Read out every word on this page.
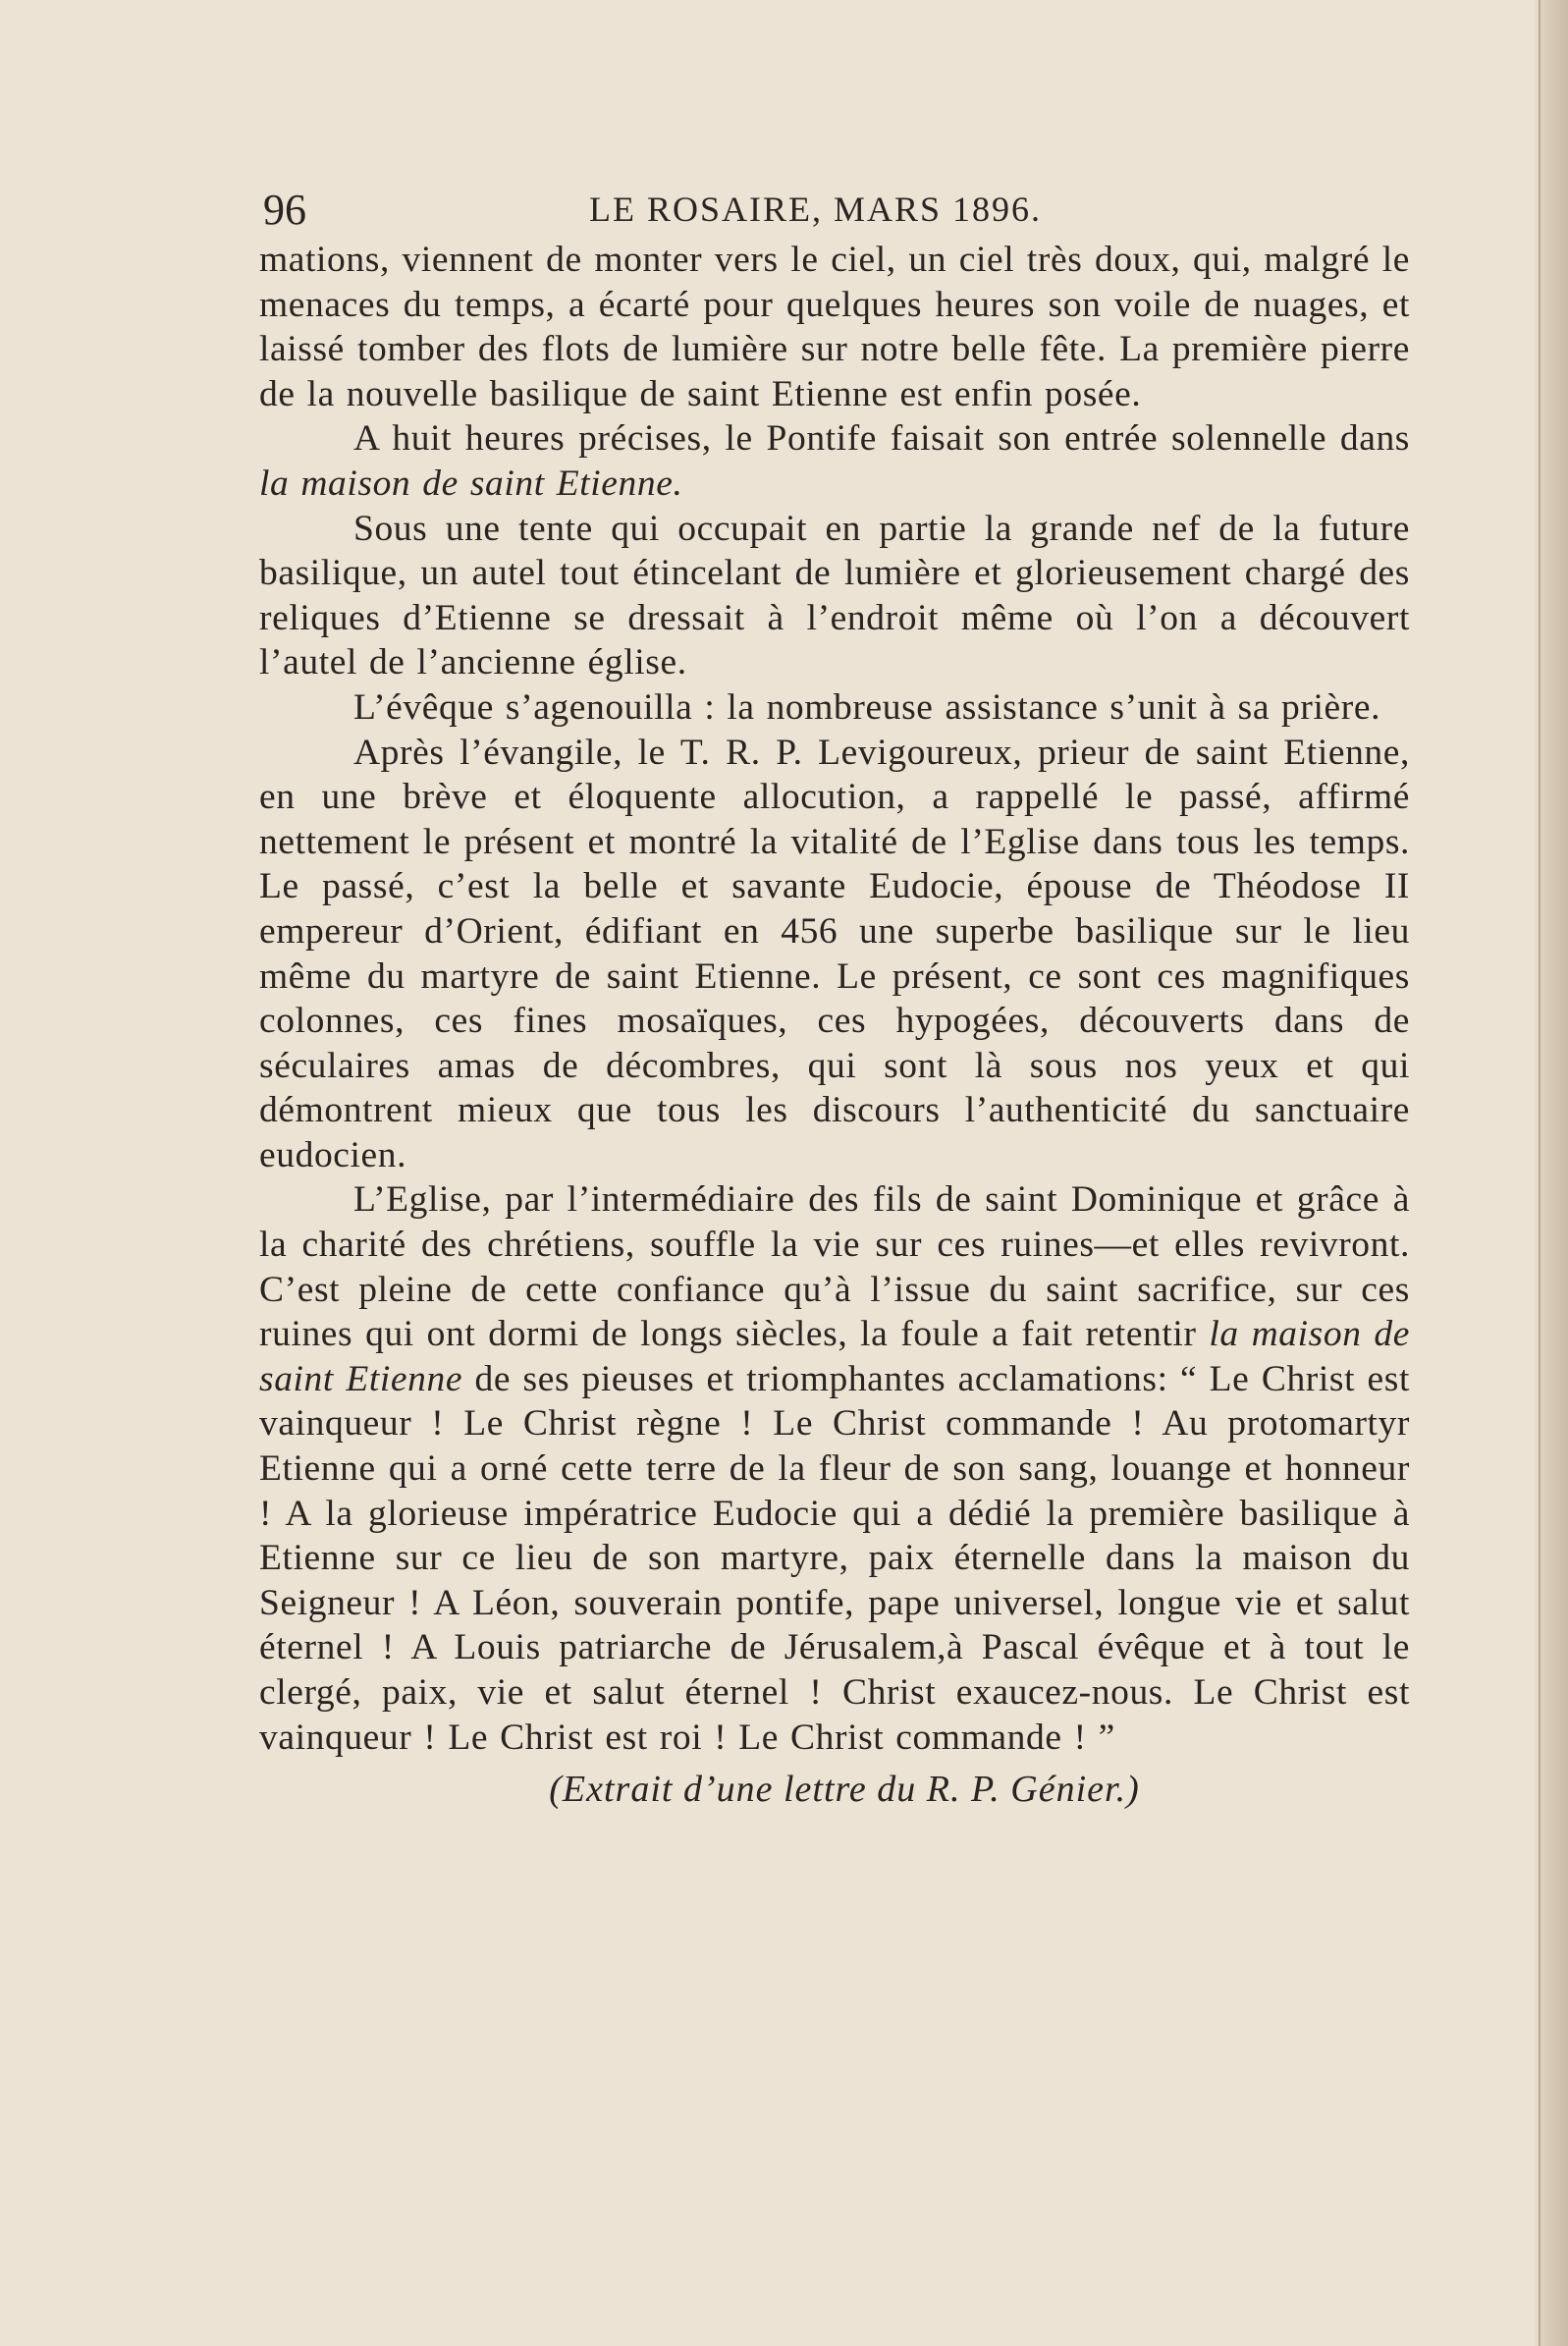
96	LE ROSAIRE, MARS 1896.

mations, viennent de monter vers le ciel, un ciel très doux, qui, malgré le menaces du temps, a écarté pour quelques heures son voile de nuages, et laissé tomber des flots de lumière sur notre belle fête. La première pierre de la nouvelle basilique de saint Etienne est enfin posée.

A huit heures précises, le Pontife faisait son entrée solennelle dans la maison de saint Etienne.

Sous une tente qui occupait en partie la grande nef de la future basilique, un autel tout étincelant de lumière et glorieusement chargé des reliques d’Etienne se dressait à l’endroit même où l’on a découvert l’autel de l’ancienne église.

L’évêque s’agenouilla : la nombreuse assistance s’unit à sa prière.

Après l’évangile, le T. R. P. Levigoureux, prieur de saint Etienne, en une brève et éloquente allocution, a rappellé le passé, affirmé nettement le présent et montré la vitalité de l’Eglise dans tous les temps. Le passé, c’est la belle et savante Eudocie, épouse de Théodose II empereur d’Orient, édifiant en 456 une superbe basilique sur le lieu même du martyre de saint Etienne. Le présent, ce sont ces magnifiques colonnes, ces fines mosaïques, ces hypogées, découverts dans de séculaires amas de décombres, qui sont là sous nos yeux et qui démontrent mieux que tous les discours l’authenticité du sanctuaire eudocien.

L’Eglise, par l’intermédiaire des fils de saint Dominique et grâce à la charité des chrétiens, souffle la vie sur ces ruines—et elles revivront. C’est pleine de cette confiance qu’à l’issue du saint sacrifice, sur ces ruines qui ont dormi de longs siècles, la foule a fait retentir la maison de saint Etienne de ses pieuses et triomphantes acclamations: “ Le Christ est vainqueur ! Le Christ règne ! Le Christ commande ! Au protomartyr Etienne qui a orné cette terre de la fleur de son sang, louange et honneur ! A la glorieuse impératrice Eudocie qui a dédié la première basilique à Etienne sur ce lieu de son martyre, paix éternelle dans la maison du Seigneur ! A Léon, souverain pontife, pape universel, longue vie et salut éternel ! A Louis patriarche de Jérusalem,à Pascal évêque et à tout le clergé, paix, vie et salut éternel ! Christ exaucez-nous. Le Christ est vainqueur ! Le Christ est roi ! Le Christ commande ! ”

(Extrait d’une lettre du R. P. Génier.)
